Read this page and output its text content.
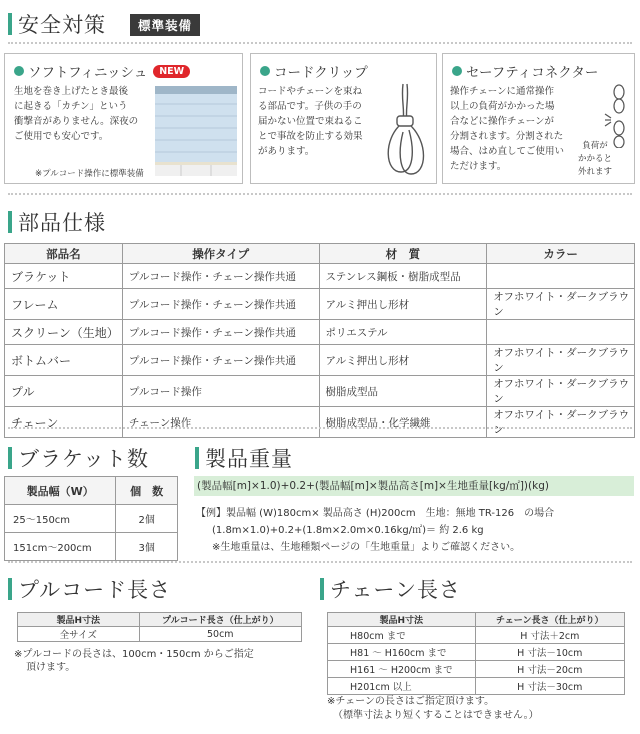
安全対策	標準装備
ソフトフィニッシュ	NEW
生地を巻き上げたとき最後
に起きる「カチン」という
衝撃音がありません。深夜の
ご使用でも安心です。
※プルコード操作に標準装備
コードクリップ
コードやチェーンを束ね
る部品です。子供の手の
届かない位置で束ねるこ
とで事故を防止する効果
があります。
セーフティコネクター
操作チェーンに通常操作
以上の負荷がかかった場
合などに操作チェーンが
分割されます。分割された
場合、はめ直してご使用い
ただけます。
負荷が
かかると
外れます
部品仕様
部品名	操作タイプ	材　質	カラー
ブラケット	プルコード操作・チェーン操作共通	ステンレス鋼板・樹脂成型品	
フレーム	プルコード操作・チェーン操作共通	アルミ押出し形材	オフホワイト・ダークブラウン
スクリーン（生地）	プルコード操作・チェーン操作共通	ポリエステル	
ボトムバー	プルコード操作・チェーン操作共通	アルミ押出し形材	オフホワイト・ダークブラウン
プル	プルコード操作	樹脂成型品	オフホワイト・ダークブラウン
チェーン	チェーン操作	樹脂成型品・化学繊維	オフホワイト・ダークブラウン
ブラケット数
製品幅（W）	個　数
25～150cm	2個
151cm～200cm	3個
製品重量
(製品幅[m]×1.0)+0.2+(製品幅[m]×製品高さ[m]×生地重量[kg/㎡])(kg)
【例】製品幅 (W)180cm× 製品高さ (H)200cm　生地：無地 TR-126　の場合
(1.8m×1.0)+0.2+(1.8m×2.0m×0.16kg/㎡)＝ 約 2.6 kg
※生地重量は、生地種類ページの「生地重量」よりご確認ください。
プルコード長さ
製品H寸法	プルコード長さ（仕上がり）
全サイズ	50cm
※プルコードの長さは、100cm・150cm からご指定
頂けます。
チェーン長さ
製品H寸法	チェーン長さ（仕上がり）
H80cm まで	H 寸法＋2cm
H81 ～ H160cm まで	H 寸法－10cm
H161 ～ H200cm まで	H 寸法－20cm
H201cm 以上	H 寸法－30cm
※チェーンの長さはご指定頂けます。
（標準寸法より短くすることはできません。）
